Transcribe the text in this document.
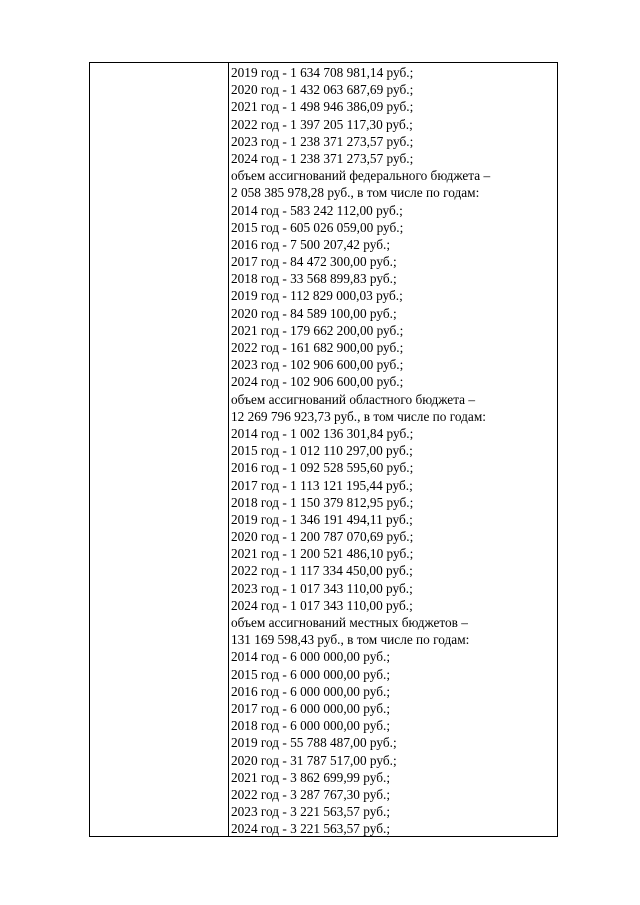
2019 год - 1 634 708 981,14 руб.;
2020 год - 1 432 063 687,69 руб.;
2021 год - 1 498 946 386,09 руб.;
2022 год - 1 397 205 117,30 руб.;
2023 год - 1 238 371 273,57 руб.;
2024 год - 1 238 371 273,57 руб.;
объем ассигнований федерального бюджета –
2 058 385 978,28 руб., в том числе по годам:
2014 год - 583 242 112,00 руб.;
2015 год - 605 026 059,00 руб.;
2016 год - 7 500 207,42 руб.;
2017 год - 84 472 300,00 руб.;
2018 год - 33 568 899,83 руб.;
2019 год - 112 829 000,03 руб.;
2020 год - 84 589 100,00 руб.;
2021 год - 179 662 200,00 руб.;
2022 год - 161 682 900,00 руб.;
2023 год - 102 906 600,00 руб.;
2024 год - 102 906 600,00 руб.;
объем ассигнований областного бюджета –
12 269 796 923,73 руб., в том числе по годам:
2014 год - 1 002 136 301,84 руб.;
2015 год - 1 012 110 297,00 руб.;
2016 год - 1 092 528 595,60 руб.;
2017 год - 1 113 121 195,44 руб.;
2018 год - 1 150 379 812,95 руб.;
2019 год - 1 346 191 494,11 руб.;
2020 год - 1 200 787 070,69 руб.;
2021 год - 1 200 521 486,10 руб.;
2022 год - 1 117 334 450,00 руб.;
2023 год - 1 017 343 110,00 руб.;
2024 год - 1 017 343 110,00 руб.;
объем ассигнований местных бюджетов –
131 169 598,43 руб., в том числе по годам:
2014 год - 6 000 000,00 руб.;
2015 год - 6 000 000,00 руб.;
2016 год - 6 000 000,00 руб.;
2017 год - 6 000 000,00 руб.;
2018 год - 6 000 000,00 руб.;
2019 год - 55 788 487,00 руб.;
2020 год - 31 787 517,00 руб.;
2021 год - 3 862 699,99 руб.;
2022 год - 3 287 767,30 руб.;
2023 год - 3 221 563,57 руб.;
2024 год - 3 221 563,57 руб.;
